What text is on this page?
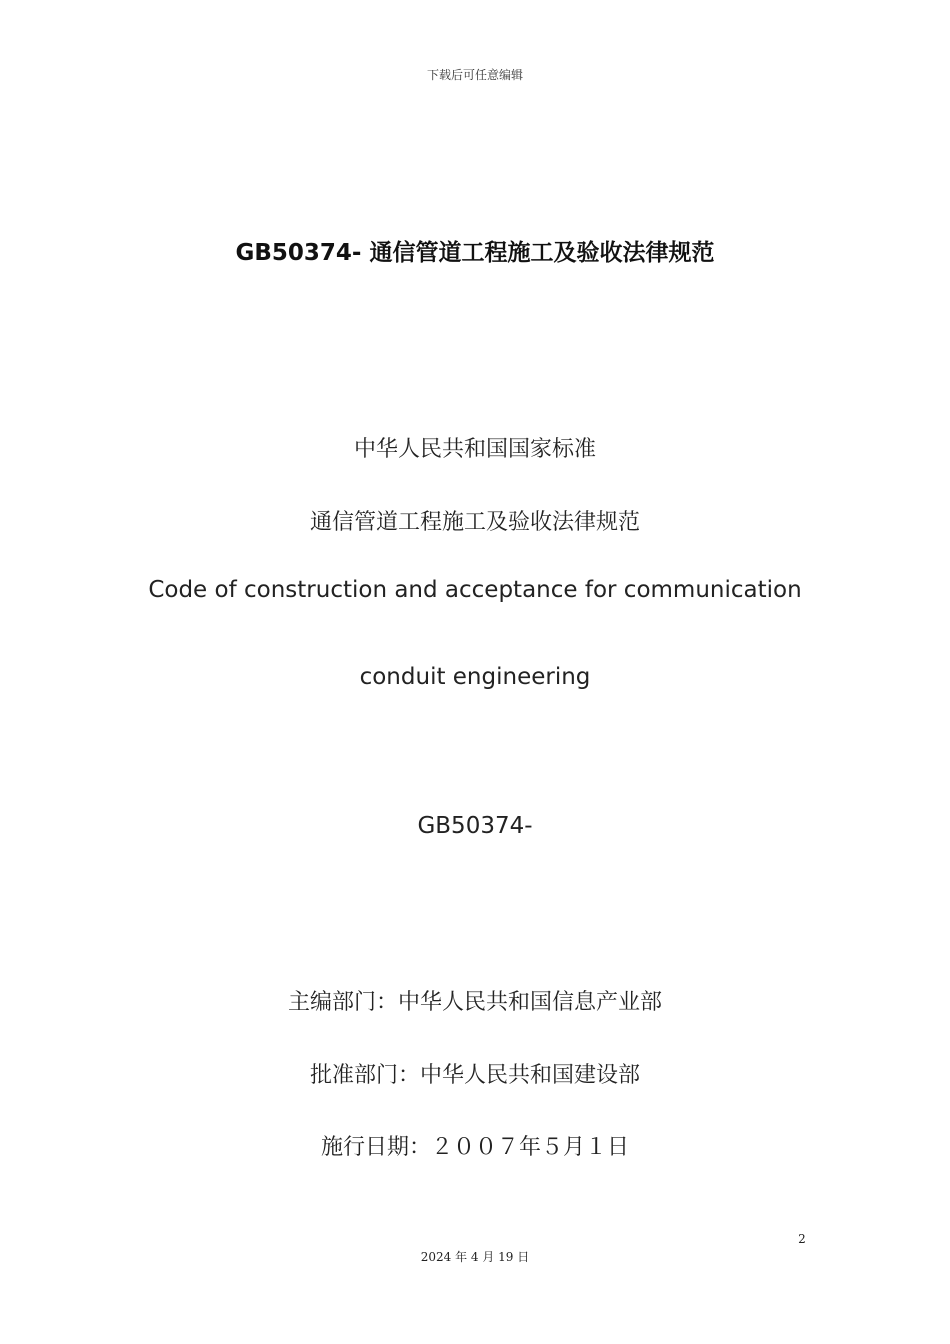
下载后可任意编辑
GB50374- 通信管道工程施工及验收法律规范
中华人民共和国国家标准
通信管道工程施工及验收法律规范
Code of construction and acceptance for communication
conduit engineering
GB50374-
主编部门：中华人民共和国信息产业部
批准部门：中华人民共和国建设部
施行日期：２００７年５月１日
2
2024 年 4 月 19 日
